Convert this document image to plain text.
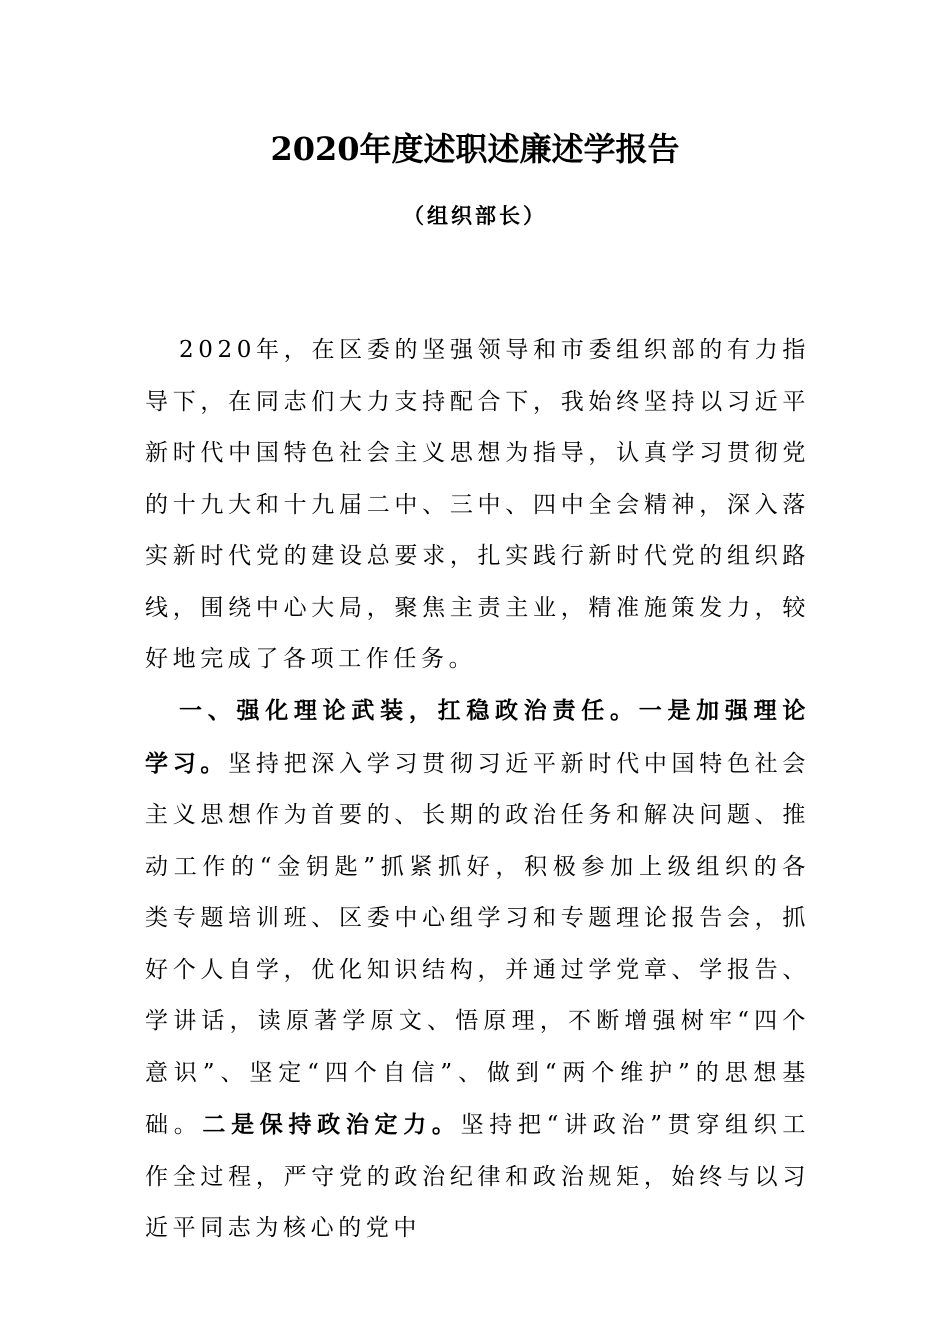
2020年度述职述廉述学报告
（组织部长）

2020年，在区委的坚强领导和市委组织部的有力指导下，在同志们大力支持配合下，我始终坚持以习近平新时代中国特色社会主义思想为指导，认真学习贯彻党的十九大和十九届二中、三中、四中全会精神，深入落实新时代党的建设总要求，扎实践行新时代党的组织路线，围绕中心大局，聚焦主责主业，精准施策发力，较好地完成了各项工作任务。

一、强化理论武装，扛稳政治责任。一是加强理论学习。坚持把深入学习贯彻习近平新时代中国特色社会主义思想作为首要的、长期的政治任务和解决问题、推动工作的“金钥匙”抓紧抓好，积极参加上级组织的各类专题培训班、区委中心组学习和专题理论报告会，抓好个人自学，优化知识结构，并通过学党章、学报告、学讲话，读原著学原文、悟原理，不断增强树牢“四个意识”、坚定“四个自信”、做到“两个维护”的思想基础。二是保持政治定力。坚持把“讲政治”贯穿组织工作全过程，严守党的政治纪律和政治规矩，始终与以习近平同志为核心的党中
